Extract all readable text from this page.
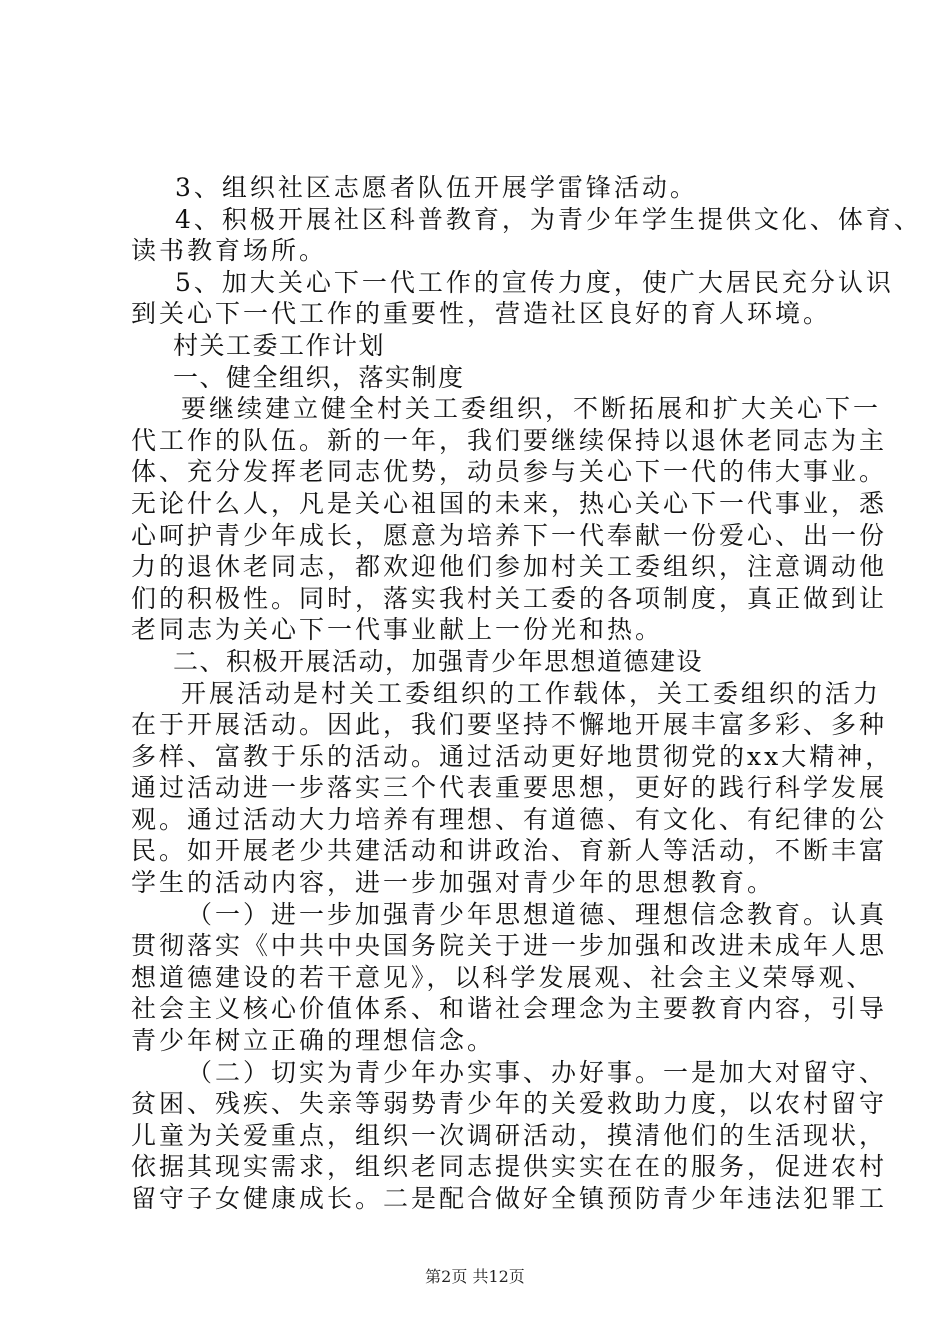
3、组织社区志愿者队伍开展学雷锋活动。
4、积极开展社区科普教育，为青少年学生提供文化、体育、
读书教育场所。
5、加大关心下一代工作的宣传力度，使广大居民充分认识
到关心下一代工作的重要性，营造社区良好的育人环境。
村关工委工作计划
一、健全组织，落实制度
要继续建立健全村关工委组织，不断拓展和扩大关心下一
代工作的队伍。新的一年，我们要继续保持以退休老同志为主
体、充分发挥老同志优势，动员参与关心下一代的伟大事业。
无论什么人，凡是关心祖国的未来，热心关心下一代事业，悉
心呵护青少年成长，愿意为培养下一代奉献一份爱心、出一份
力的退休老同志，都欢迎他们参加村关工委组织，注意调动他
们的积极性。同时，落实我村关工委的各项制度，真正做到让
老同志为关心下一代事业献上一份光和热。
二、积极开展活动，加强青少年思想道德建设
开展活动是村关工委组织的工作载体，关工委组织的活力
在于开展活动。因此，我们要坚持不懈地开展丰富多彩、多种
多样、富教于乐的活动。通过活动更好地贯彻党的xx大精神，
通过活动进一步落实三个代表重要思想，更好的践行科学发展
观。通过活动大力培养有理想、有道德、有文化、有纪律的公
民。如开展老少共建活动和讲政治、育新人等活动，不断丰富
学生的活动内容，进一步加强对青少年的思想教育。
（一）进一步加强青少年思想道德、理想信念教育。认真
贯彻落实《中共中央国务院关于进一步加强和改进未成年人思
想道德建设的若干意见》，以科学发展观、社会主义荣辱观、
社会主义核心价值体系、和谐社会理念为主要教育内容，引导
青少年树立正确的理想信念。
（二）切实为青少年办实事、办好事。一是加大对留守、
贫困、残疾、失亲等弱势青少年的关爱救助力度，以农村留守
儿童为关爱重点，组织一次调研活动，摸清他们的生活现状，
依据其现实需求，组织老同志提供实实在在的服务，促进农村
留守子女健康成长。二是配合做好全镇预防青少年违法犯罪工
第2页 共12页
